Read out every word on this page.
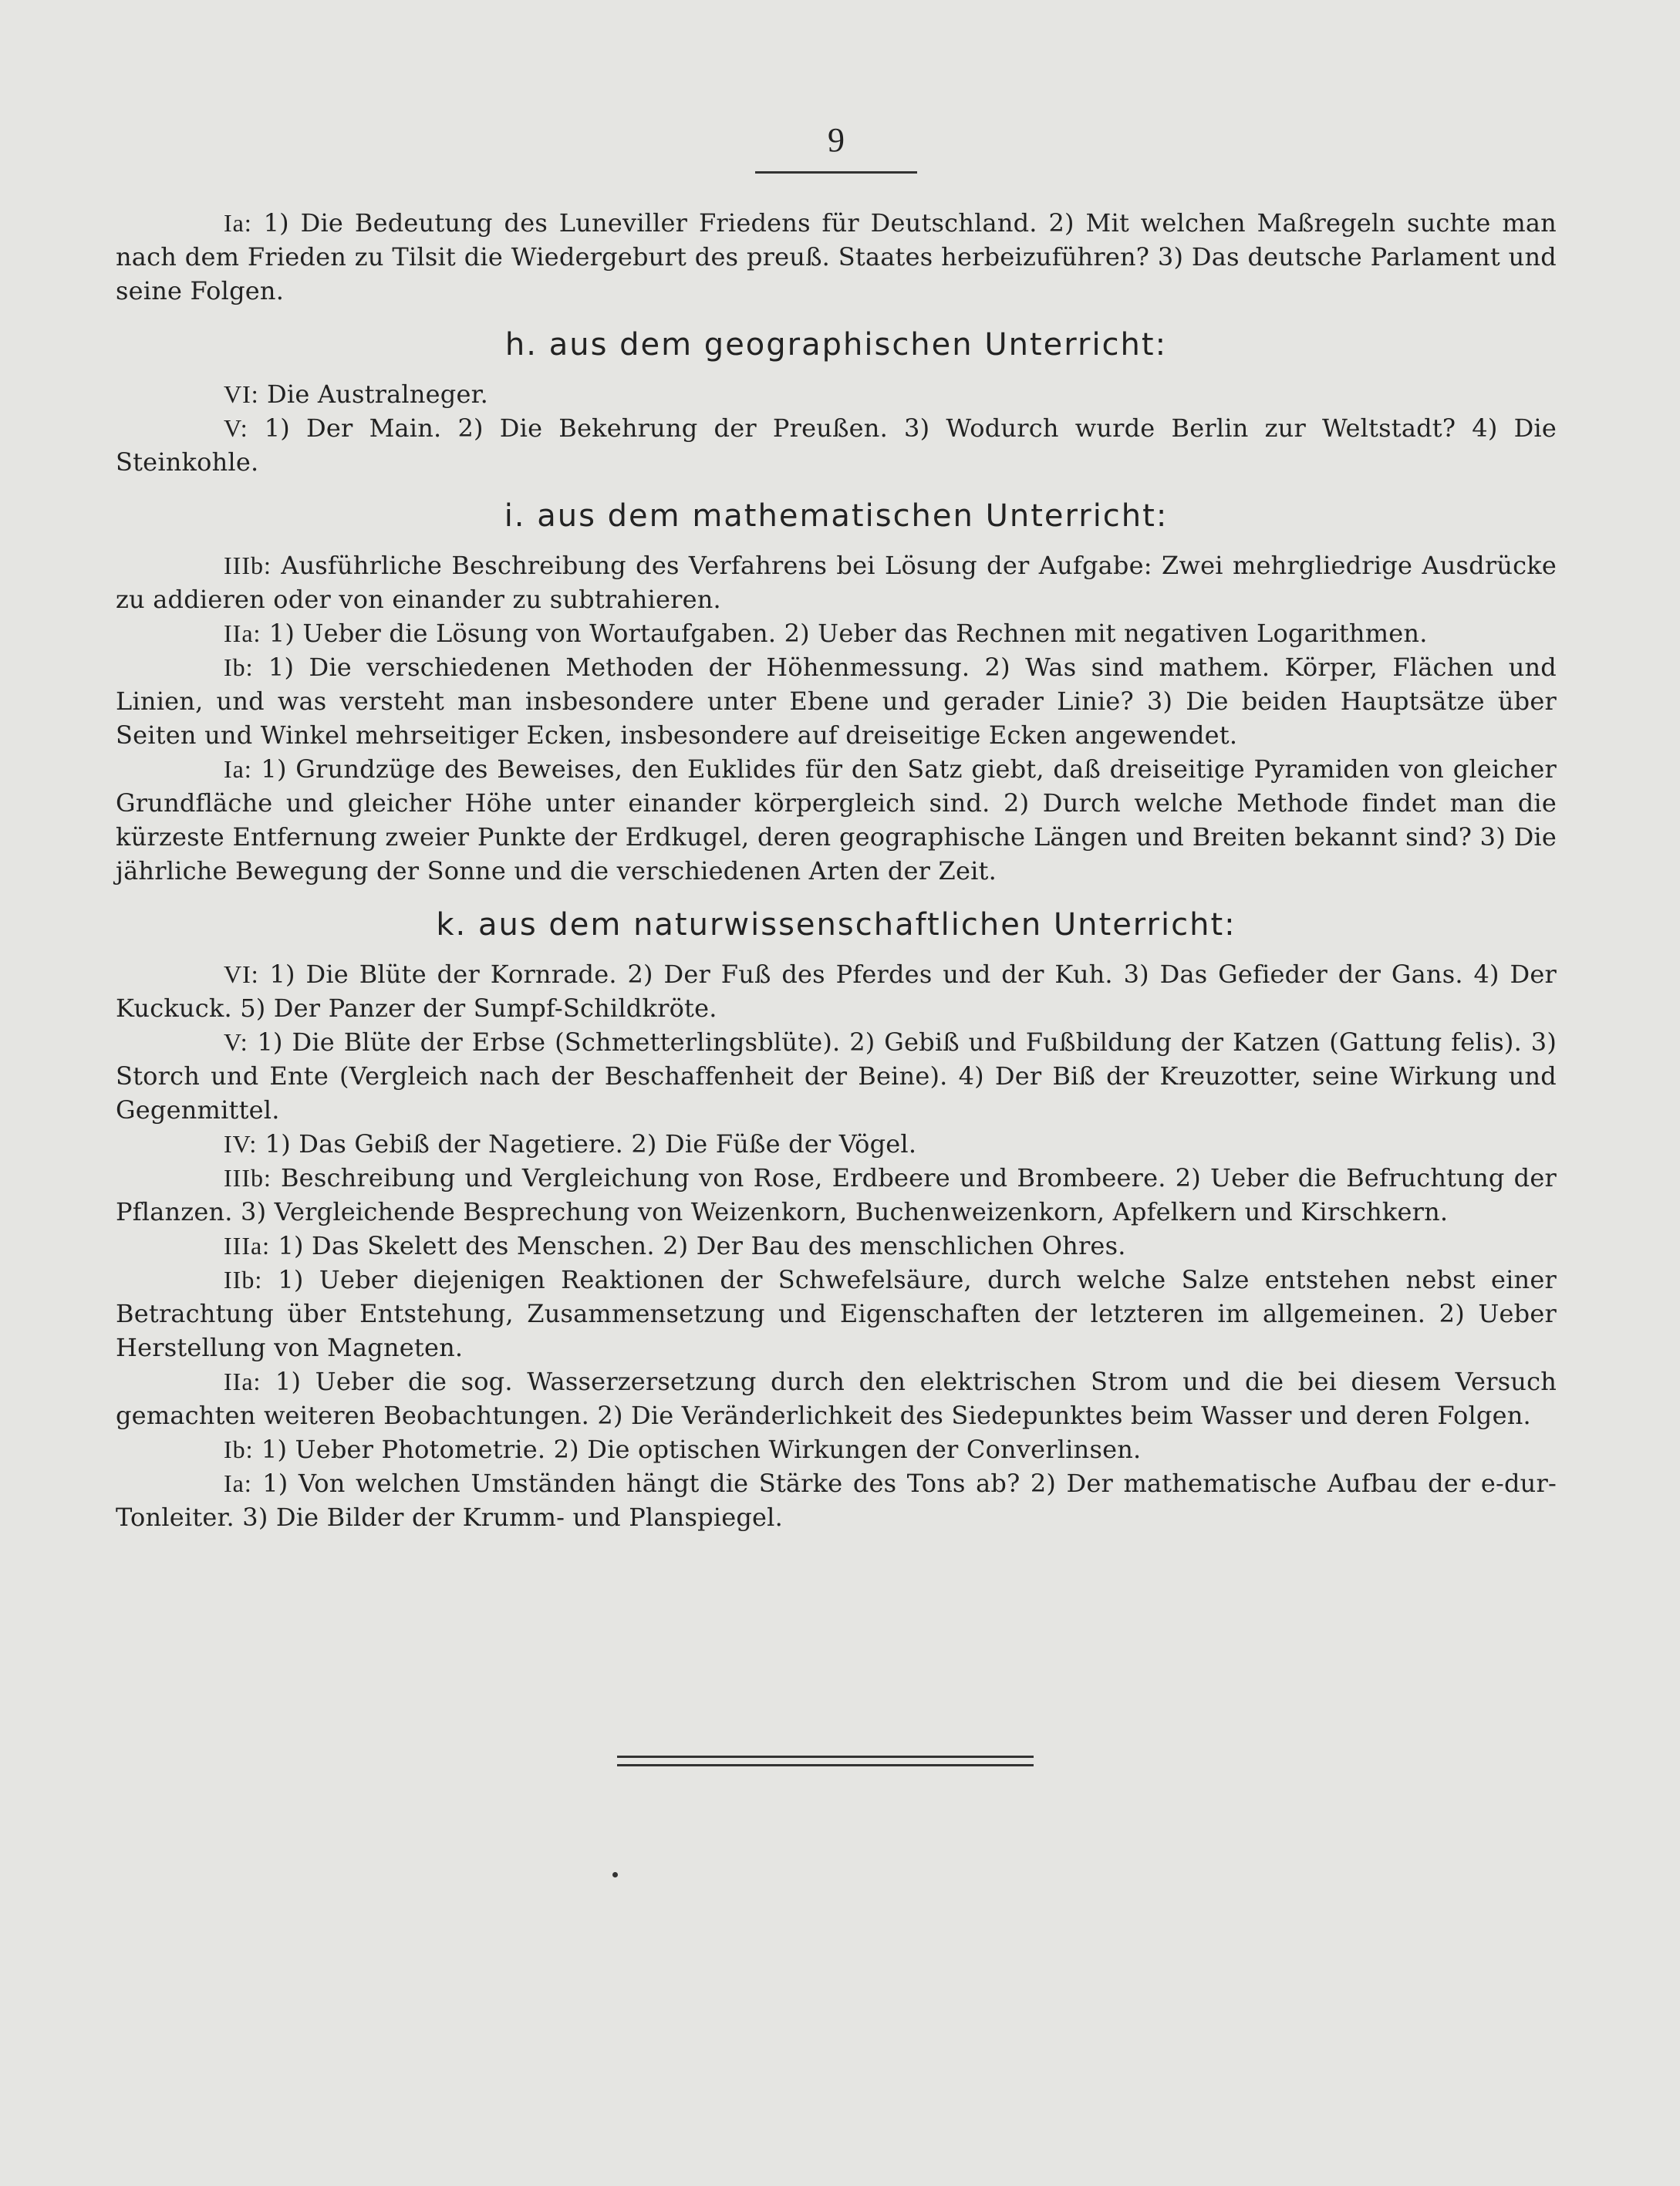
9

Ia: 1) Die Bedeutung des Luneviller Friedens für Deutschland. 2) Mit welchen Maßregeln suchte man nach dem Frieden zu Tilsit die Wiedergeburt des preuß. Staates herbeizuführen? 3) Das deutsche Parlament und seine Folgen.

h. aus dem geographischen Unterricht:

VI: Die Australneger.

V: 1) Der Main. 2) Die Bekehrung der Preußen. 3) Wodurch wurde Berlin zur Weltstadt? 4) Die Steinkohle.

i. aus dem mathematischen Unterricht:

IIIb: Ausführliche Beschreibung des Verfahrens bei Lösung der Aufgabe: Zwei mehrgliedrige Ausdrücke zu addieren oder von einander zu subtrahieren.

IIa: 1) Ueber die Lösung von Wortaufgaben. 2) Ueber das Rechnen mit negativen Logarithmen.

Ib: 1) Die verschiedenen Methoden der Höhenmessung. 2) Was sind mathem. Körper, Flächen und Linien, und was versteht man insbesondere unter Ebene und gerader Linie? 3) Die beiden Hauptsätze über Seiten und Winkel mehrseitiger Ecken, insbesondere auf dreiseitige Ecken angewendet.

Ia: 1) Grundzüge des Beweises, den Euklides für den Satz giebt, daß dreiseitige Pyramiden von gleicher Grundfläche und gleicher Höhe unter einander körpergleich sind. 2) Durch welche Methode findet man die kürzeste Entfernung zweier Punkte der Erdkugel, deren geographische Längen und Breiten bekannt sind? 3) Die jährliche Bewegung der Sonne und die verschiedenen Arten der Zeit.

k. aus dem naturwissenschaftlichen Unterricht:

VI: 1) Die Blüte der Kornrade. 2) Der Fuß des Pferdes und der Kuh. 3) Das Gefieder der Gans. 4) Der Kuckuck. 5) Der Panzer der Sumpf-Schildkröte.

V: 1) Die Blüte der Erbse (Schmetterlingsblüte). 2) Gebiß und Fußbildung der Katzen (Gattung felis). 3) Storch und Ente (Vergleich nach der Beschaffenheit der Beine). 4) Der Biß der Kreuzotter, seine Wirkung und Gegenmittel.

IV: 1) Das Gebiß der Nagetiere. 2) Die Füße der Vögel.

IIIb: Beschreibung und Vergleichung von Rose, Erdbeere und Brombeere. 2) Ueber die Befruchtung der Pflanzen. 3) Vergleichende Besprechung von Weizenkorn, Buchenweizenkorn, Apfelkern und Kirschkern.

IIIa: 1) Das Skelett des Menschen. 2) Der Bau des menschlichen Ohres.

IIb: 1) Ueber diejenigen Reaktionen der Schwefelsäure, durch welche Salze entstehen nebst einer Betrachtung über Entstehung, Zusammensetzung und Eigenschaften der letzteren im allgemeinen. 2) Ueber Herstellung von Magneten.

IIa: 1) Ueber die sog. Wasserzersetzung durch den elektrischen Strom und die bei diesem Versuch gemachten weiteren Beobachtungen. 2) Die Veränderlichkeit des Siedepunktes beim Wasser und deren Folgen.

Ib: 1) Ueber Photometrie. 2) Die optischen Wirkungen der Converlinsen.

Ia: 1) Von welchen Umständen hängt die Stärke des Tons ab? 2) Der mathematische Aufbau der e-dur-Tonleiter. 3) Die Bilder der Krumm- und Planspiegel.
